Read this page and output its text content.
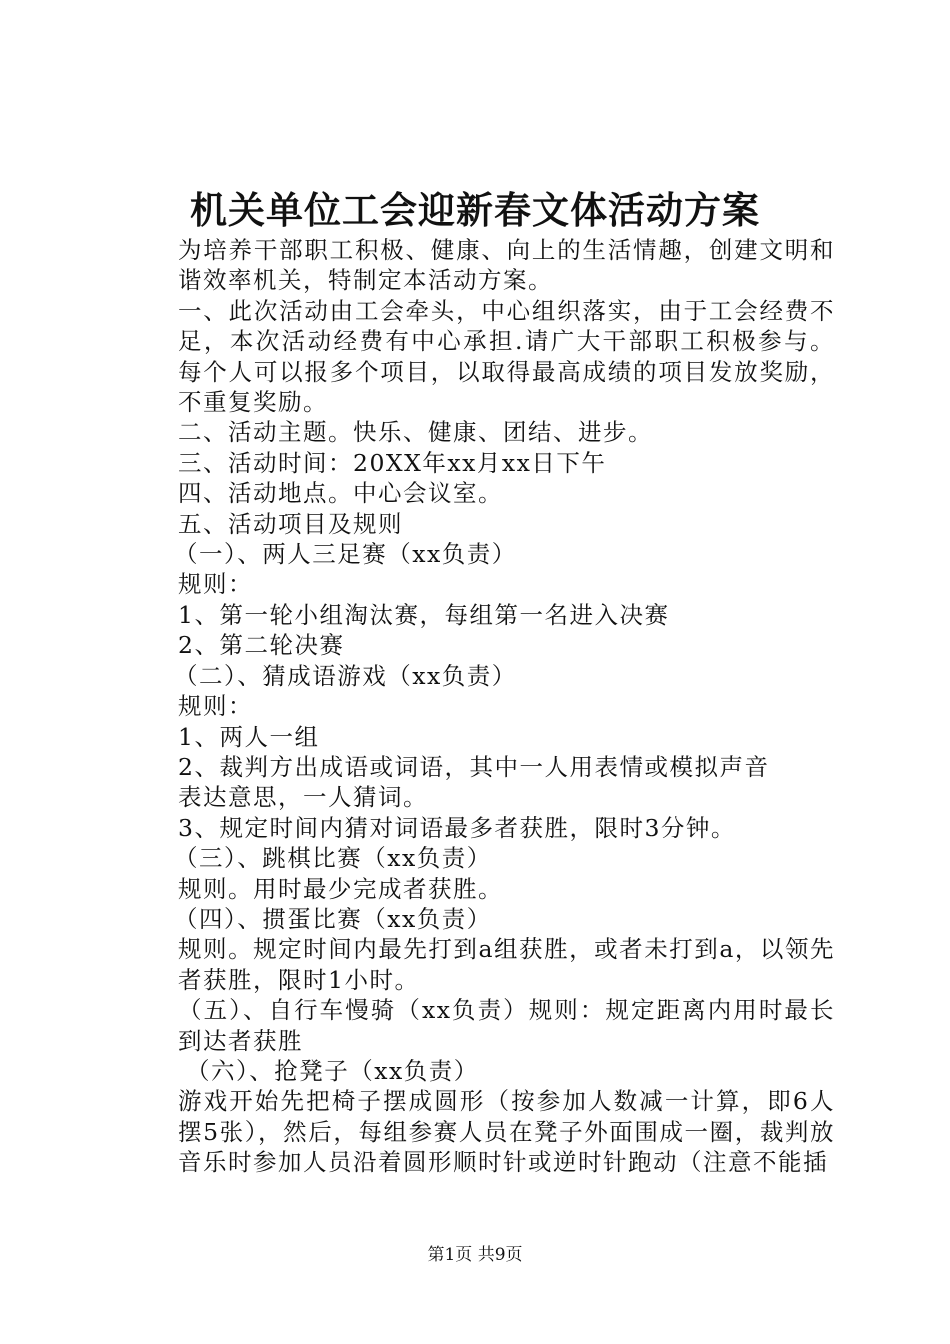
机关单位工会迎新春文体活动方案

为培养干部职工积极、健康、向上的生活情趣，创建文明和谐效率机关，特制定本活动方案。

一、此次活动由工会牵头，中心组织落实，由于工会经费不足，本次活动经费有中心承担.请广大干部职工积极参与。每个人可以报多个项目，以取得最高成绩的项目发放奖励，不重复奖励。

二、活动主题。快乐、健康、团结、进步。

三、活动时间：20XX年xx月xx日下午

四、活动地点。中心会议室。

五、活动项目及规则

（一）、两人三足赛（xx负责）

规则：

1、第一轮小组淘汰赛，每组第一名进入决赛

2、第二轮决赛

（二）、猜成语游戏（xx负责）

规则：

1、两人一组

2、裁判方出成语或词语，其中一人用表情或模拟声音

表达意思，一人猜词。

3、规定时间内猜对词语最多者获胜，限时3分钟。

（三）、跳棋比赛（xx负责）

规则。用时最少完成者获胜。

（四）、掼蛋比赛（xx负责）

规则。规定时间内最先打到a组获胜，或者未打到a，以领先者获胜，限时1小时。

（五）、自行车慢骑（xx负责）规则：规定距离内用时最长到达者获胜

（六）、抢凳子（xx负责）

游戏开始先把椅子摆成圆形（按参加人数减一计算，即6人摆5张），然后，每组参赛人员在凳子外面围成一圈，裁判放音乐时参加人员沿着圆形顺时针或逆时针跑动（注意不能插

第1页 共9页
